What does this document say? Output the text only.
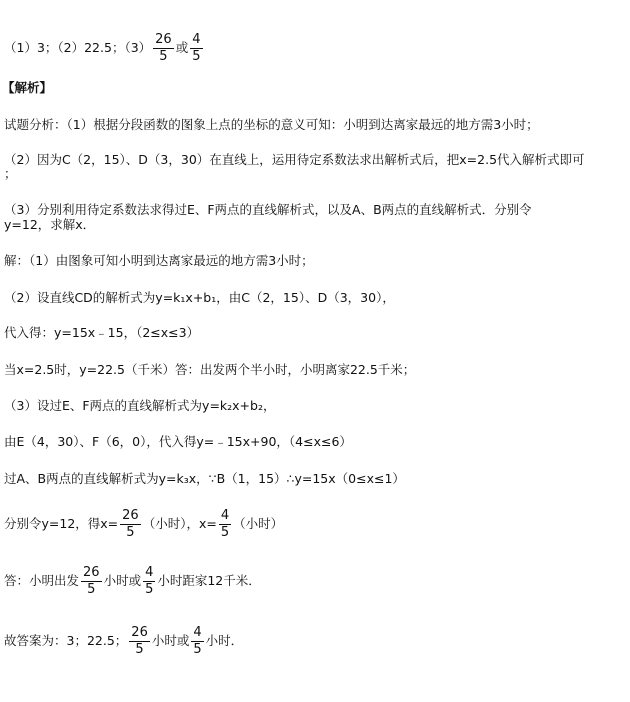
（1）3；（2）22.5；$(3) \frac{26}{5}$ 或 $\frac{4}{5}$
【解析】
试题分析：（1）根据分段函数的图象上点的坐标的意义可知：小明到达离家最远的地方需3小时；
（2）因为C（2，15）、D（3，30）在直线上，运用待定系数法求出解析式后，把x=2.5代入解析式即可
；
（3）分别利用待定系数法求得过E、F两点的直线解析式，以及A、B两点的直线解析式．分别令
y=12，求解x．
解：（1）由图象可知小明到达离家最远的地方需3小时；
（2）设直线CD的解析式为y=k₁x+b₁，由C（2，15）、D（3，30），
代入得：y=15x﹣15，（2≤x≤3）
当x=2.5时，y=22.5（千米）答：出发两个半小时，小明离家22.5千米；
（3）设过E、F两点的直线解析式为y=k₂x+b₂，
由E（4，30）、F（6，0），代入得y=﹣15x+90，（4≤x≤6）
过A、B两点的直线解析式为y=k₃x，∵B（1，15）∴y=15x（0≤x≤1）
分别令y=12，得$x= \frac{26}{5}$ （小时），$x= \frac{4}{5}$ （小时）
答：小明出发 $\frac{26}{5}$ 小时或 $\frac{4}{5}$ 小时距家12千米．
故答案为：3；22.5； $\frac{26}{5}$ 小时或 $\frac{4}{5}$ 小时．
